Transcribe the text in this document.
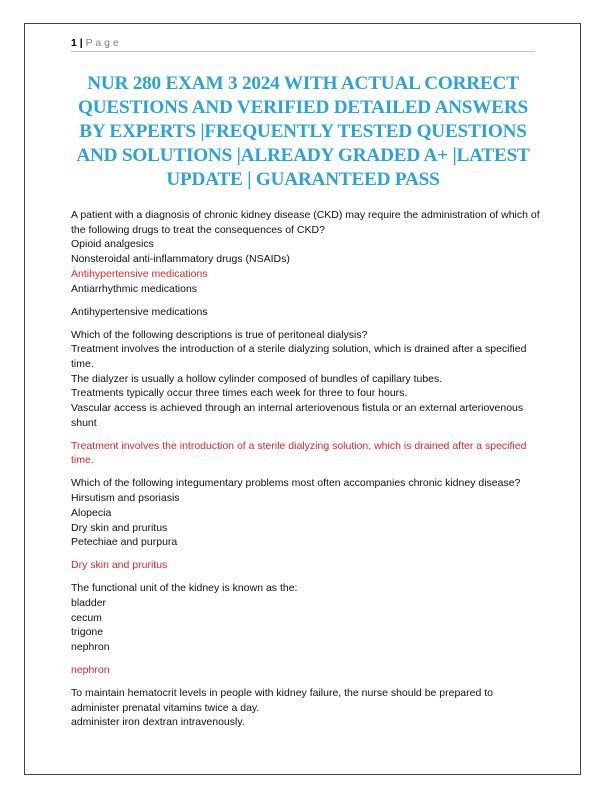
1 | P a g e
NUR 280 EXAM 3 2024 WITH ACTUAL CORRECT QUESTIONS AND VERIFIED DETAILED ANSWERS BY EXPERTS |FREQUENTLY TESTED QUESTIONS AND SOLUTIONS |ALREADY GRADED A+ |LATEST UPDATE | GUARANTEED PASS

A patient with a diagnosis of chronic kidney disease (CKD) may require the administration of which of the following drugs to treat the consequences of CKD?

Opioid analgesics

Nonsteroidal anti-inflammatory drugs (NSAIDs)

Antihypertensive medications

Antiarrhythmic medications

Antihypertensive medications

Which of the following descriptions is true of peritoneal dialysis?

Treatment involves the introduction of a sterile dialyzing solution, which is drained after a specified time.

The dialyzer is usually a hollow cylinder composed of bundles of capillary tubes.

Treatments typically occur three times each week for three to four hours.

Vascular access is achieved through an internal arteriovenous fistula or an external arteriovenous shunt

Treatment involves the introduction of a sterile dialyzing solution, which is drained after a specified time.

Which of the following integumentary problems most often accompanies chronic kidney disease?

Hirsutism and psoriasis

Alopecia

Dry skin and pruritus

Petechiae and purpura

Dry skin and pruritus

The functional unit of the kidney is known as the:

bladder

cecum

trigone

nephron

nephron

To maintain hematocrit levels in people with kidney failure, the nurse should be prepared to

administer prenatal vitamins twice a day.

administer iron dextran intravenously.
